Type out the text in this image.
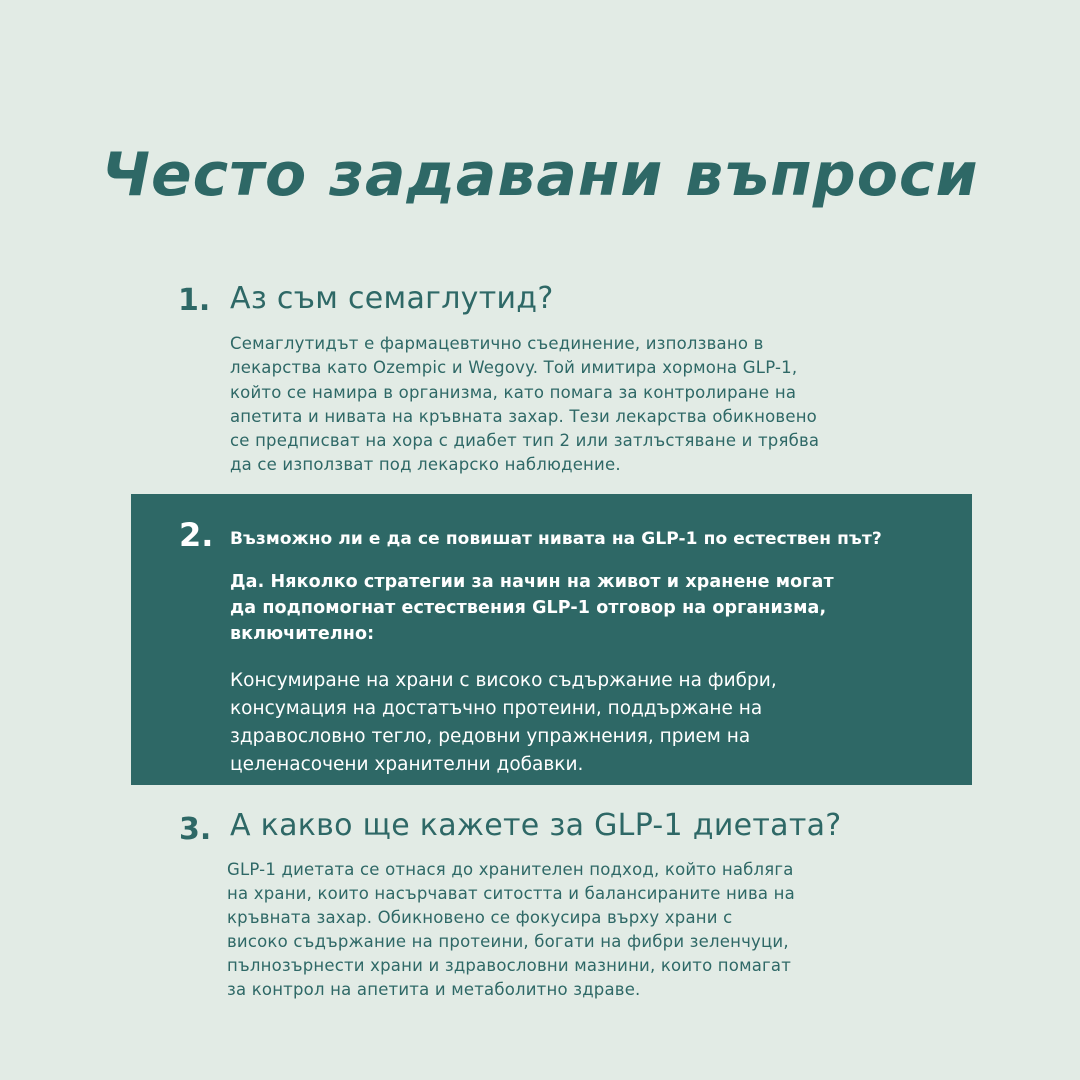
Често задавани въпроси
1. Аз съм семаглутид?
Семаглутидът е фармацевтично съединение, използвано в
лекарства като Ozempic и Wegovy. Той имитира хормона GLP-1,
който се намира в организма, като помага за контролиране на
апетита и нивата на кръвната захар. Тези лекарства обикновено
се предписват на хора с диабет тип 2 или затлъстяване и трябва
да се използват под лекарско наблюдение.
2. Възможно ли е да се повишат нивата на GLP-1 по естествен път?
Да. Няколко стратегии за начин на живот и хранене могат
да подпомогнат естествения GLP-1 отговор на организма,
включително:
Консумиране на храни с високо съдържание на фибри,
консумация на достатъчно протеини, поддържане на
здравословно тегло, редовни упражнения, прием на
целенасочени хранителни добавки.
3. А какво ще кажете за GLP-1 диетата?
GLP-1 диетата се отнася до хранителен подход, който набляга
на храни, които насърчават ситостта и балансираните нива на
кръвната захар. Обикновено се фокусира върху храни с
високо съдържание на протеини, богати на фибри зеленчуци,
пълнозърнести храни и здравословни мазнини, които помагат
за контрол на апетита и метаболитно здраве.
